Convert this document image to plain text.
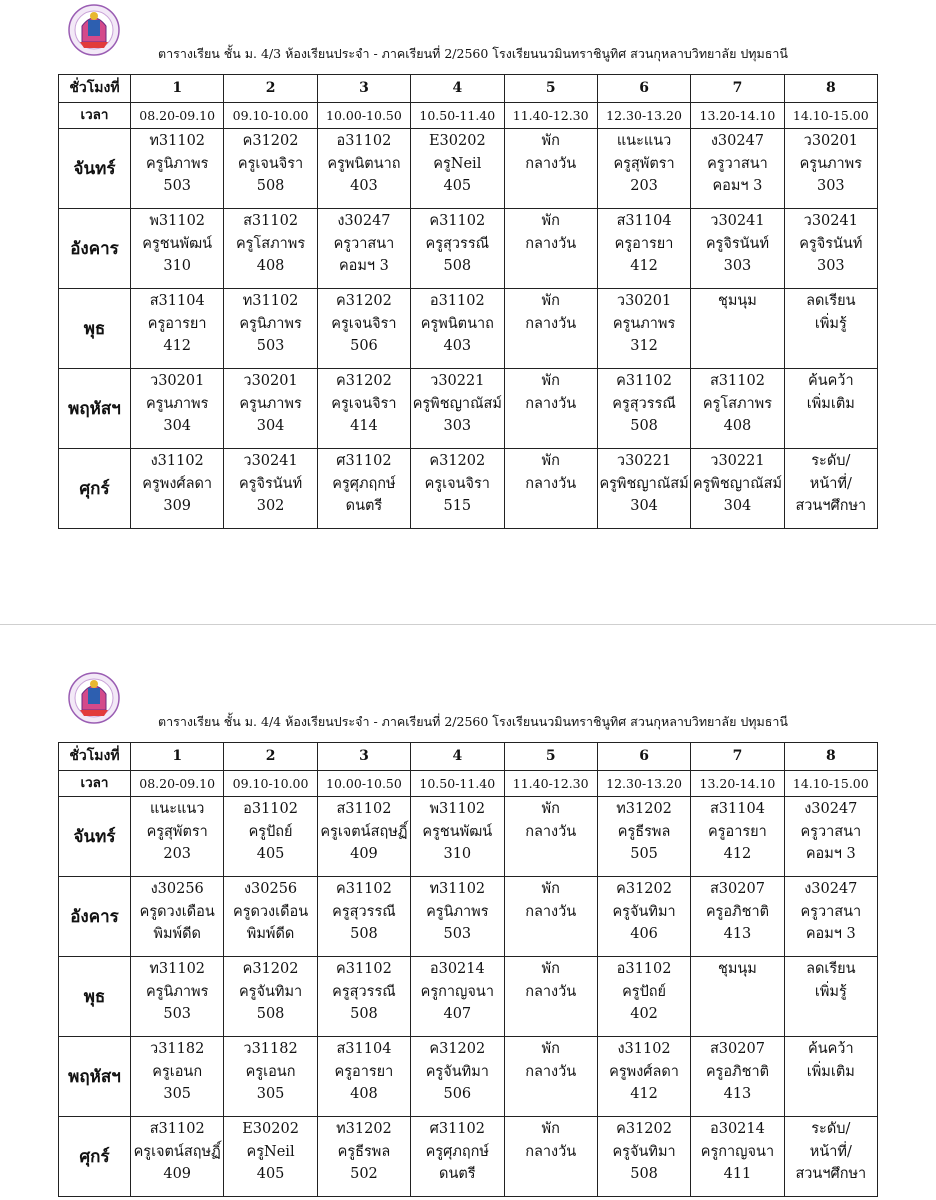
ตารางเรียน ชั้น ม. 4/3 ห้องเรียนประจำ - ภาคเรียนที่ 2/2560 โรงเรียนนวมินทราชินูทิศ สวนกุหลาบวิทยาลัย ปทุมธานี
ชั่วโมงที่	1	2	3	4	5	6	7	8
เวลา	08.20-09.10	09.10-10.00	10.00-10.50	10.50-11.40	11.40-12.30	12.30-13.20	13.20-14.10	14.10-15.00
จันทร์	ท31102
ครูนิภาพร
503	ค31202
ครูเจนจิรา
508	อ31102
ครูพนิตนาถ
403	E30202
ครูNeil
405	พัก
กลางวัน	แนะแนว
ครูสุพัตรา
203	ง30247
ครูวาสนา
คอมฯ 3	ว30201
ครูนภาพร
303

อังคาร	พ31102
ครูชนพัฒน์
310	ส31102
ครูโสภาพร
408	ง30247
ครูวาสนา
คอมฯ 3	ค31102
ครูสุวรรณี
508	พัก
กลางวัน	ส31104
ครูอารยา
412	ว30241
ครูจิรนันท์
303	ว30241
ครูจิรนันท์
303

พุธ	ส31104
ครูอารยา
412	ท31102
ครูนิภาพร
503	ค31202
ครูเจนจิรา
506	อ31102
ครูพนิตนาถ
403	พัก
กลางวัน	ว30201
ครูนภาพร
312	ชุมนุม	ลดเรียน
เพิ่มรู้

พฤหัสฯ	ว30201
ครูนภาพร
304	ว30201
ครูนภาพร
304	ค31202
ครูเจนจิรา
414	ว30221
ครูพิชญาณัสม์
303	พัก
กลางวัน	ค31102
ครูสุวรรณี
508	ส31102
ครูโสภาพร
408	ค้นคว้า
เพิ่มเติม

ศุกร์	ง31102
ครูพงศ์ลดา
309	ว30241
ครูจิรนันท์
302	ศ31102
ครูศุภฤกษ์
ดนตรี	ค31202
ครูเจนจิรา
515	พัก
กลางวัน	ว30221
ครูพิชญาณัสม์
304	ว30221
ครูพิชญาณัสม์
304	ระดับ/
หน้าที่/
สวนฯศึกษา
ตารางเรียน ชั้น ม. 4/4 ห้องเรียนประจำ - ภาคเรียนที่ 2/2560 โรงเรียนนวมินทราชินูทิศ สวนกุหลาบวิทยาลัย ปทุมธานี
ชั่วโมงที่	1	2	3	4	5	6	7	8
เวลา	08.20-09.10	09.10-10.00	10.00-10.50	10.50-11.40	11.40-12.30	12.30-13.20	13.20-14.10	14.10-15.00
จันทร์	แนะแนว
ครูสุพัตรา
203	อ31102
ครูปัถย์
405	ส31102
ครูเจตน์สฤษฏิ์
409	พ31102
ครูชนพัฒน์
310	พัก
กลางวัน	ท31202
ครูธีรพล
505	ส31104
ครูอารยา
412	ง30247
ครูวาสนา
คอมฯ 3

อังคาร	ง30256
ครูดวงเดือน
พิมพ์ดีด	ง30256
ครูดวงเดือน
พิมพ์ดีด	ค31102
ครูสุวรรณี
508	ท31102
ครูนิภาพร
503	พัก
กลางวัน	ค31202
ครูจันทิมา
406	ส30207
ครูอภิชาติ
413	ง30247
ครูวาสนา
คอมฯ 3

พุธ	ท31102
ครูนิภาพร
503	ค31202
ครูจันทิมา
508	ค31102
ครูสุวรรณี
508	อ30214
ครูกาญจนา
407	พัก
กลางวัน	อ31102
ครูปัถย์
402	ชุมนุม	ลดเรียน
เพิ่มรู้

พฤหัสฯ	ว31182
ครูเอนก
305	ว31182
ครูเอนก
305	ส31104
ครูอารยา
408	ค31202
ครูจันทิมา
506	พัก
กลางวัน	ง31102
ครูพงศ์ลดา
412	ส30207
ครูอภิชาติ
413	ค้นคว้า
เพิ่มเติม

ศุกร์	ส31102
ครูเจตน์สฤษฏิ์
409	E30202
ครูNeil
405	ท31202
ครูธีรพล
502	ศ31102
ครูศุภฤกษ์
ดนตรี	พัก
กลางวัน	ค31202
ครูจันทิมา
508	อ30214
ครูกาญจนา
411	ระดับ/
หน้าที่/
สวนฯศึกษา
